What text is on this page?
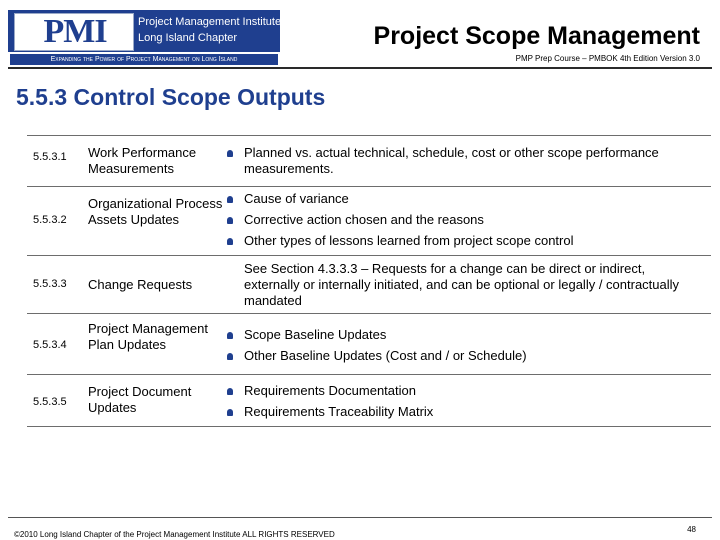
PMI	Project Management Institute
Long Island Chapter
Expanding the Power of Project Management on Long Island
Project Scope Management
PMP Prep Course – PMBOK 4th Edition Version 3.0
5.5.3 Control Scope Outputs
5.5.3.1 Work Performance Measurements
Planned vs. actual technical, schedule, cost or other scope performance measurements.
5.5.3.2
Organizational Process Assets Updates
Cause of variance
Corrective action chosen and the reasons
Other types of lessons learned from project scope control
5.5.3.3 Change Requests
See Section 4.3.3.3 – Requests for a change can be direct or indirect, externally or internally initiated, and can be optional or legally / contractually mandated
5.5.3.4
Project Management Plan Updates
Scope Baseline Updates
Other Baseline Updates (Cost and / or Schedule)
5.5.3.5
Project Document Updates
Requirements Documentation
Requirements Traceability Matrix
©2010 Long Island Chapter of the Project Management Institute ALL RIGHTS RESERVED
48
